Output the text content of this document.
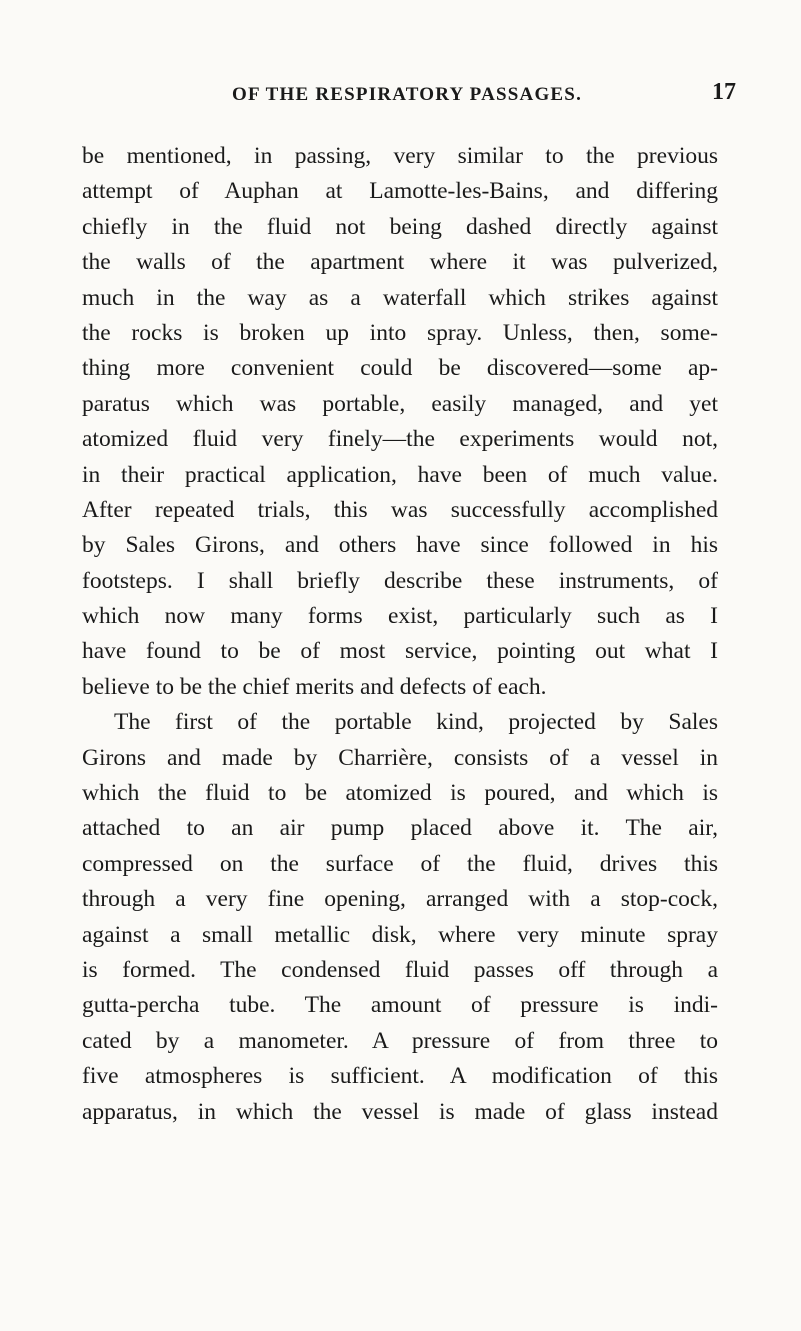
OF THE RESPIRATORY PASSAGES.	17
be mentioned, in passing, very similar to the previous
attempt of Auphan at Lamotte-les-Bains, and differing
chiefly in the fluid not being dashed directly against
the walls of the apartment where it was pulverized,
much in the way as a waterfall which strikes against
the rocks is broken up into spray. Unless, then, some-
thing more convenient could be discovered—some ap-
paratus which was portable, easily managed, and yet
atomized fluid very finely—the experiments would not,
in their practical application, have been of much value.
After repeated trials, this was successfully accomplished
by Sales Girons, and others have since followed in his
footsteps. I shall briefly describe these instruments, of
which now many forms exist, particularly such as I
have found to be of most service, pointing out what I
believe to be the chief merits and defects of each.
The first of the portable kind, projected by Sales
Girons and made by Charrière, consists of a vessel in
which the fluid to be atomized is poured, and which is
attached to an air pump placed above it. The air,
compressed on the surface of the fluid, drives this
through a very fine opening, arranged with a stop-cock,
against a small metallic disk, where very minute spray
is formed. The condensed fluid passes off through a
gutta-percha tube. The amount of pressure is indi-
cated by a manometer. A pressure of from three to
five atmospheres is sufficient. A modification of this
apparatus, in which the vessel is made of glass instead
